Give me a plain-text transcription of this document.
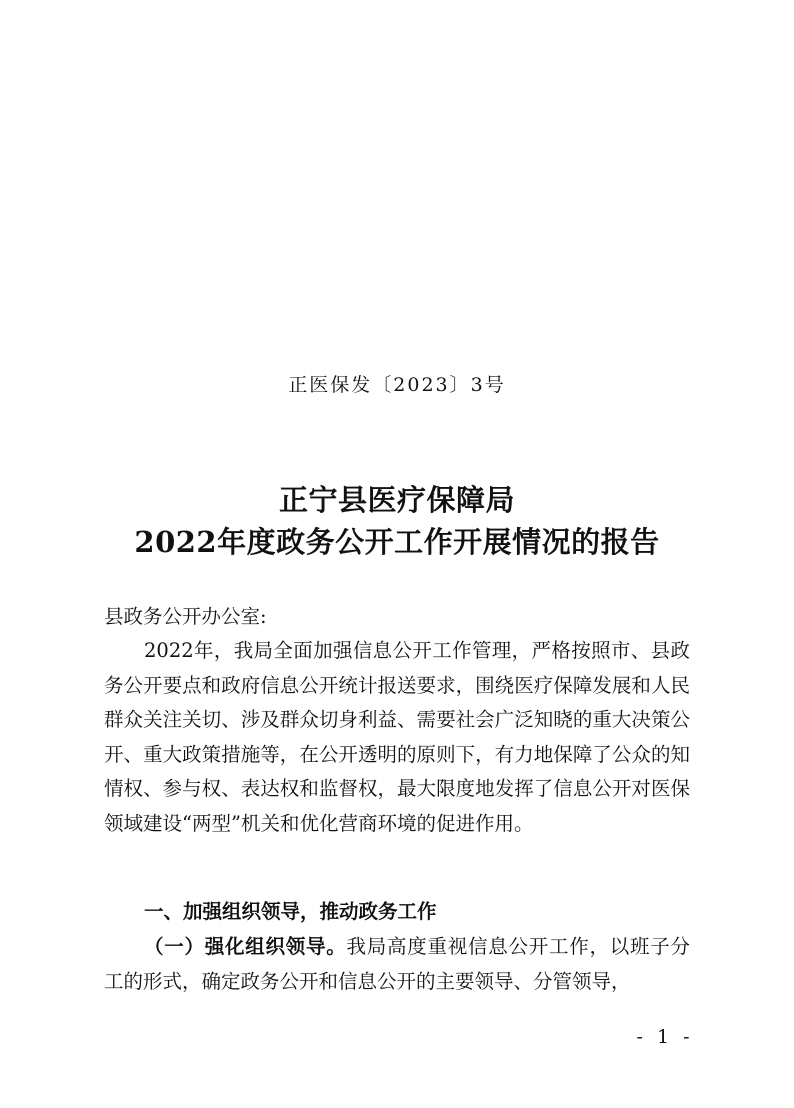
正医保发〔2023〕3号
正宁县医疗保障局
2022年度政务公开工作开展情况的报告
县政务公开办公室:

2022年，我局全面加强信息公开工作管理，严格按照市、县政务公开要点和政府信息公开统计报送要求，围绕医疗保障发展和人民群众关注关切、涉及群众切身利益、需要社会广泛知晓的重大决策公开、重大政策措施等，在公开透明的原则下，有力地保障了公众的知情权、参与权、表达权和监督权，最大限度地发挥了信息公开对医保领域建设“两型”机关和优化营商环境的促进作用。

一、加强组织领导，推动政务工作

（一）强化组织领导。我局高度重视信息公开工作，以班子分工的形式，确定政务公开和信息公开的主要领导、分管领导，

- 1 -
